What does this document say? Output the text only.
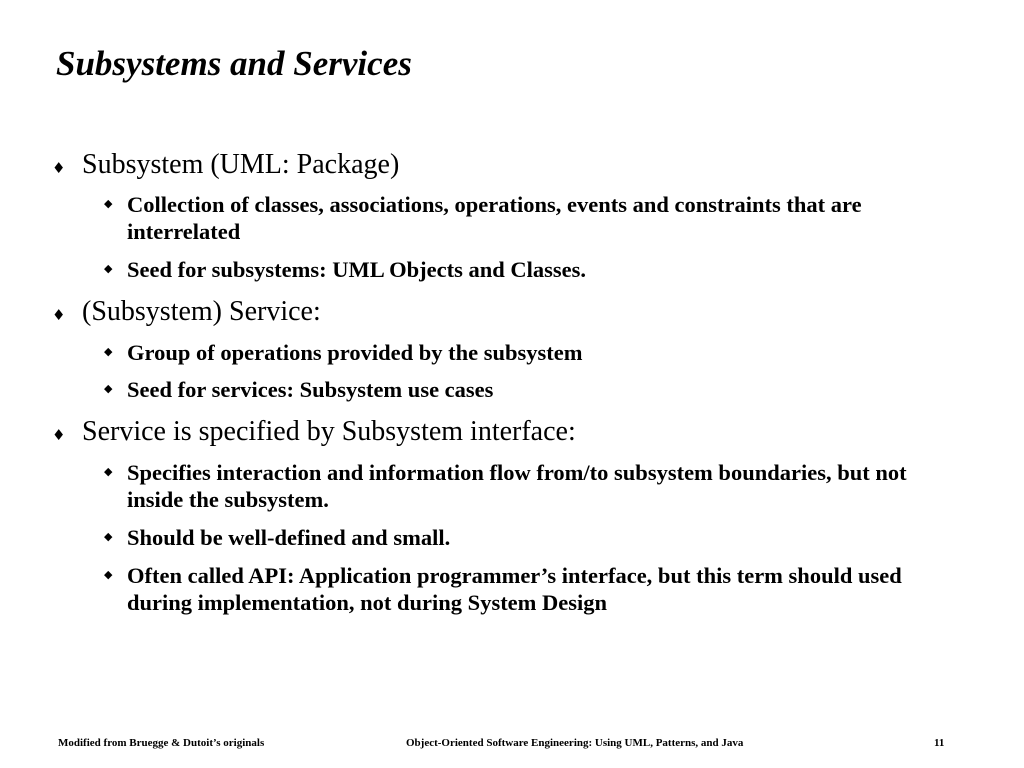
Subsystems and Services
♦ Subsystem (UML: Package)
◆ Collection of classes, associations, operations, events and constraints that are interrelated
◆ Seed for subsystems: UML Objects and Classes.
♦ (Subsystem) Service:
◆ Group of operations provided by the subsystem
◆ Seed for services: Subsystem use cases
♦ Service is specified by Subsystem interface:
◆ Specifies interaction and information flow from/to subsystem boundaries, but not inside the subsystem.
◆ Should be well-defined and small.
◆ Often called API: Application programmer’s interface, but this term should used during implementation, not during System Design
Modified from Bruegge & Dutoit’s originals	Object-Oriented Software Engineering: Using UML, Patterns, and Java	11
